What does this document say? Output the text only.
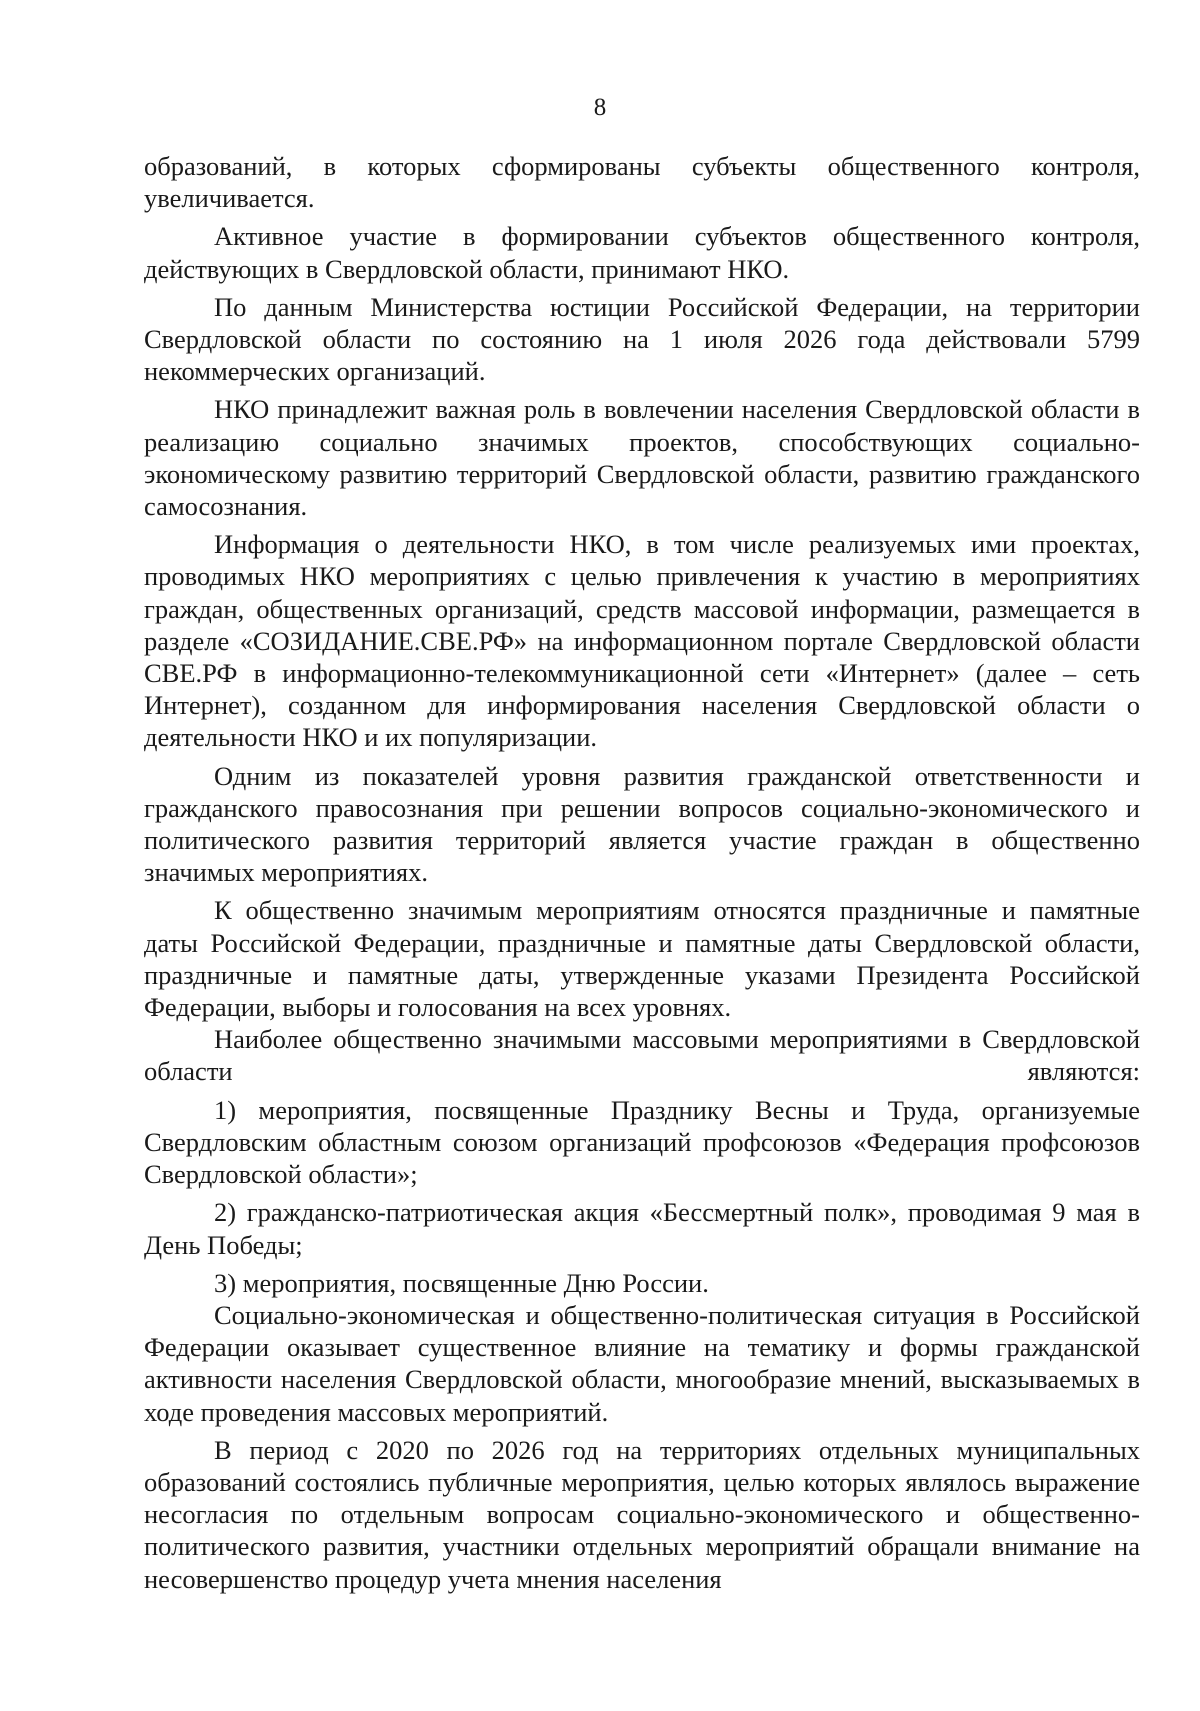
8

образований, в которых сформированы субъекты общественного контроля, увеличивается.

Активное участие в формировании субъектов общественного контроля, действующих в Свердловской области, принимают НКО.

По данным Министерства юстиции Российской Федерации, на территории Свердловской области по состоянию на 1 июля 2026 года действовали 5799 некоммерческих организаций.

НКО принадлежит важная роль в вовлечении населения Свердловской области в реализацию социально значимых проектов, способствующих социально-экономическому развитию территорий Свердловской области, развитию гражданского самосознания.

Информация о деятельности НКО, в том числе реализуемых ими проектах, проводимых НКО мероприятиях с целью привлечения к участию в мероприятиях граждан, общественных организаций, средств массовой информации, размещается в разделе «СОЗИДАНИЕ.СВЕ.РФ» на информационном портале Свердловской области СВЕ.РФ в информационно-телекоммуникационной сети «Интернет» (далее – сеть Интернет), созданном для информирования населения Свердловской области о деятельности НКО и их популяризации.

Одним из показателей уровня развития гражданской ответственности и гражданского правосознания при решении вопросов социально-экономического и политического развития территорий является участие граждан в общественно значимых мероприятиях.

К общественно значимым мероприятиям относятся праздничные и памятные даты Российской Федерации, праздничные и памятные даты Свердловской области, праздничные и памятные даты, утвержденные указами Президента Российской Федерации, выборы и голосования на всех уровнях.

Наиболее общественно значимыми массовыми мероприятиями в Свердловской области являются:

1) мероприятия, посвященные Празднику Весны и Труда, организуемые Свердловским областным союзом организаций профсоюзов «Федерация профсоюзов Свердловской области»;

2) гражданско-патриотическая акция «Бессмертный полк», проводимая 9 мая в День Победы;

3) мероприятия, посвященные Дню России.

Социально-экономическая и общественно-политическая ситуация в Российской Федерации оказывает существенное влияние на тематику и формы гражданской активности населения Свердловской области, многообразие мнений, высказываемых в ходе проведения массовых мероприятий.

В период с 2020 по 2026 год на территориях отдельных муниципальных образований состоялись публичные мероприятия, целью которых являлось выражение несогласия по отдельным вопросам социально-экономического и общественно-политического развития, участники отдельных мероприятий обращали внимание на несовершенство процедур учета мнения населения
